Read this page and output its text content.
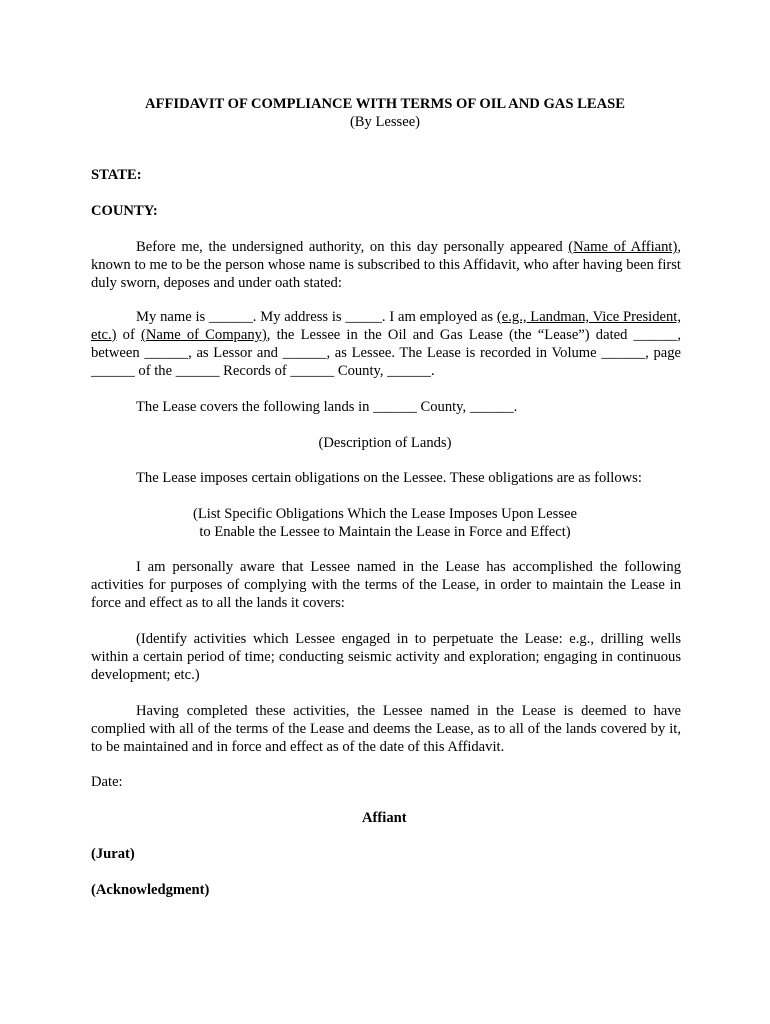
AFFIDAVIT OF COMPLIANCE WITH TERMS OF OIL AND GAS LEASE
(By Lessee)
STATE:
COUNTY:

Before me, the undersigned authority, on this day personally appeared (Name of Affiant), known to me to be the person whose name is subscribed to this Affidavit, who after having been first duly sworn, deposes and under oath stated:

My name is ______. My address is _____. I am employed as (e.g., Landman, Vice President, etc.) of (Name of Company), the Lessee in the Oil and Gas Lease (the “Lease”) dated ______, between ______, as Lessor and ______, as Lessee. The Lease is recorded in Volume ______, page ______ of the ______ Records of ______ County, ______.

The Lease covers the following lands in ______ County, ______.

(Description of Lands)

The Lease imposes certain obligations on the Lessee. These obligations are as follows:

(List Specific Obligations Which the Lease Imposes Upon Lessee
to Enable the Lessee to Maintain the Lease in Force and Effect)

I am personally aware that Lessee named in the Lease has accomplished the following activities for purposes of complying with the terms of the Lease, in order to maintain the Lease in force and effect as to all the lands it covers:

(Identify activities which Lessee engaged in to perpetuate the Lease: e.g., drilling wells within a certain period of time; conducting seismic activity and exploration; engaging in continuous development; etc.)

Having completed these activities, the Lessee named in the Lease is deemed to have complied with all of the terms of the Lease and deems the Lease, as to all of the lands covered by it, to be maintained and in force and effect as of the date of this Affidavit.

Date:
Affiant
(Jurat)
(Acknowledgment)
